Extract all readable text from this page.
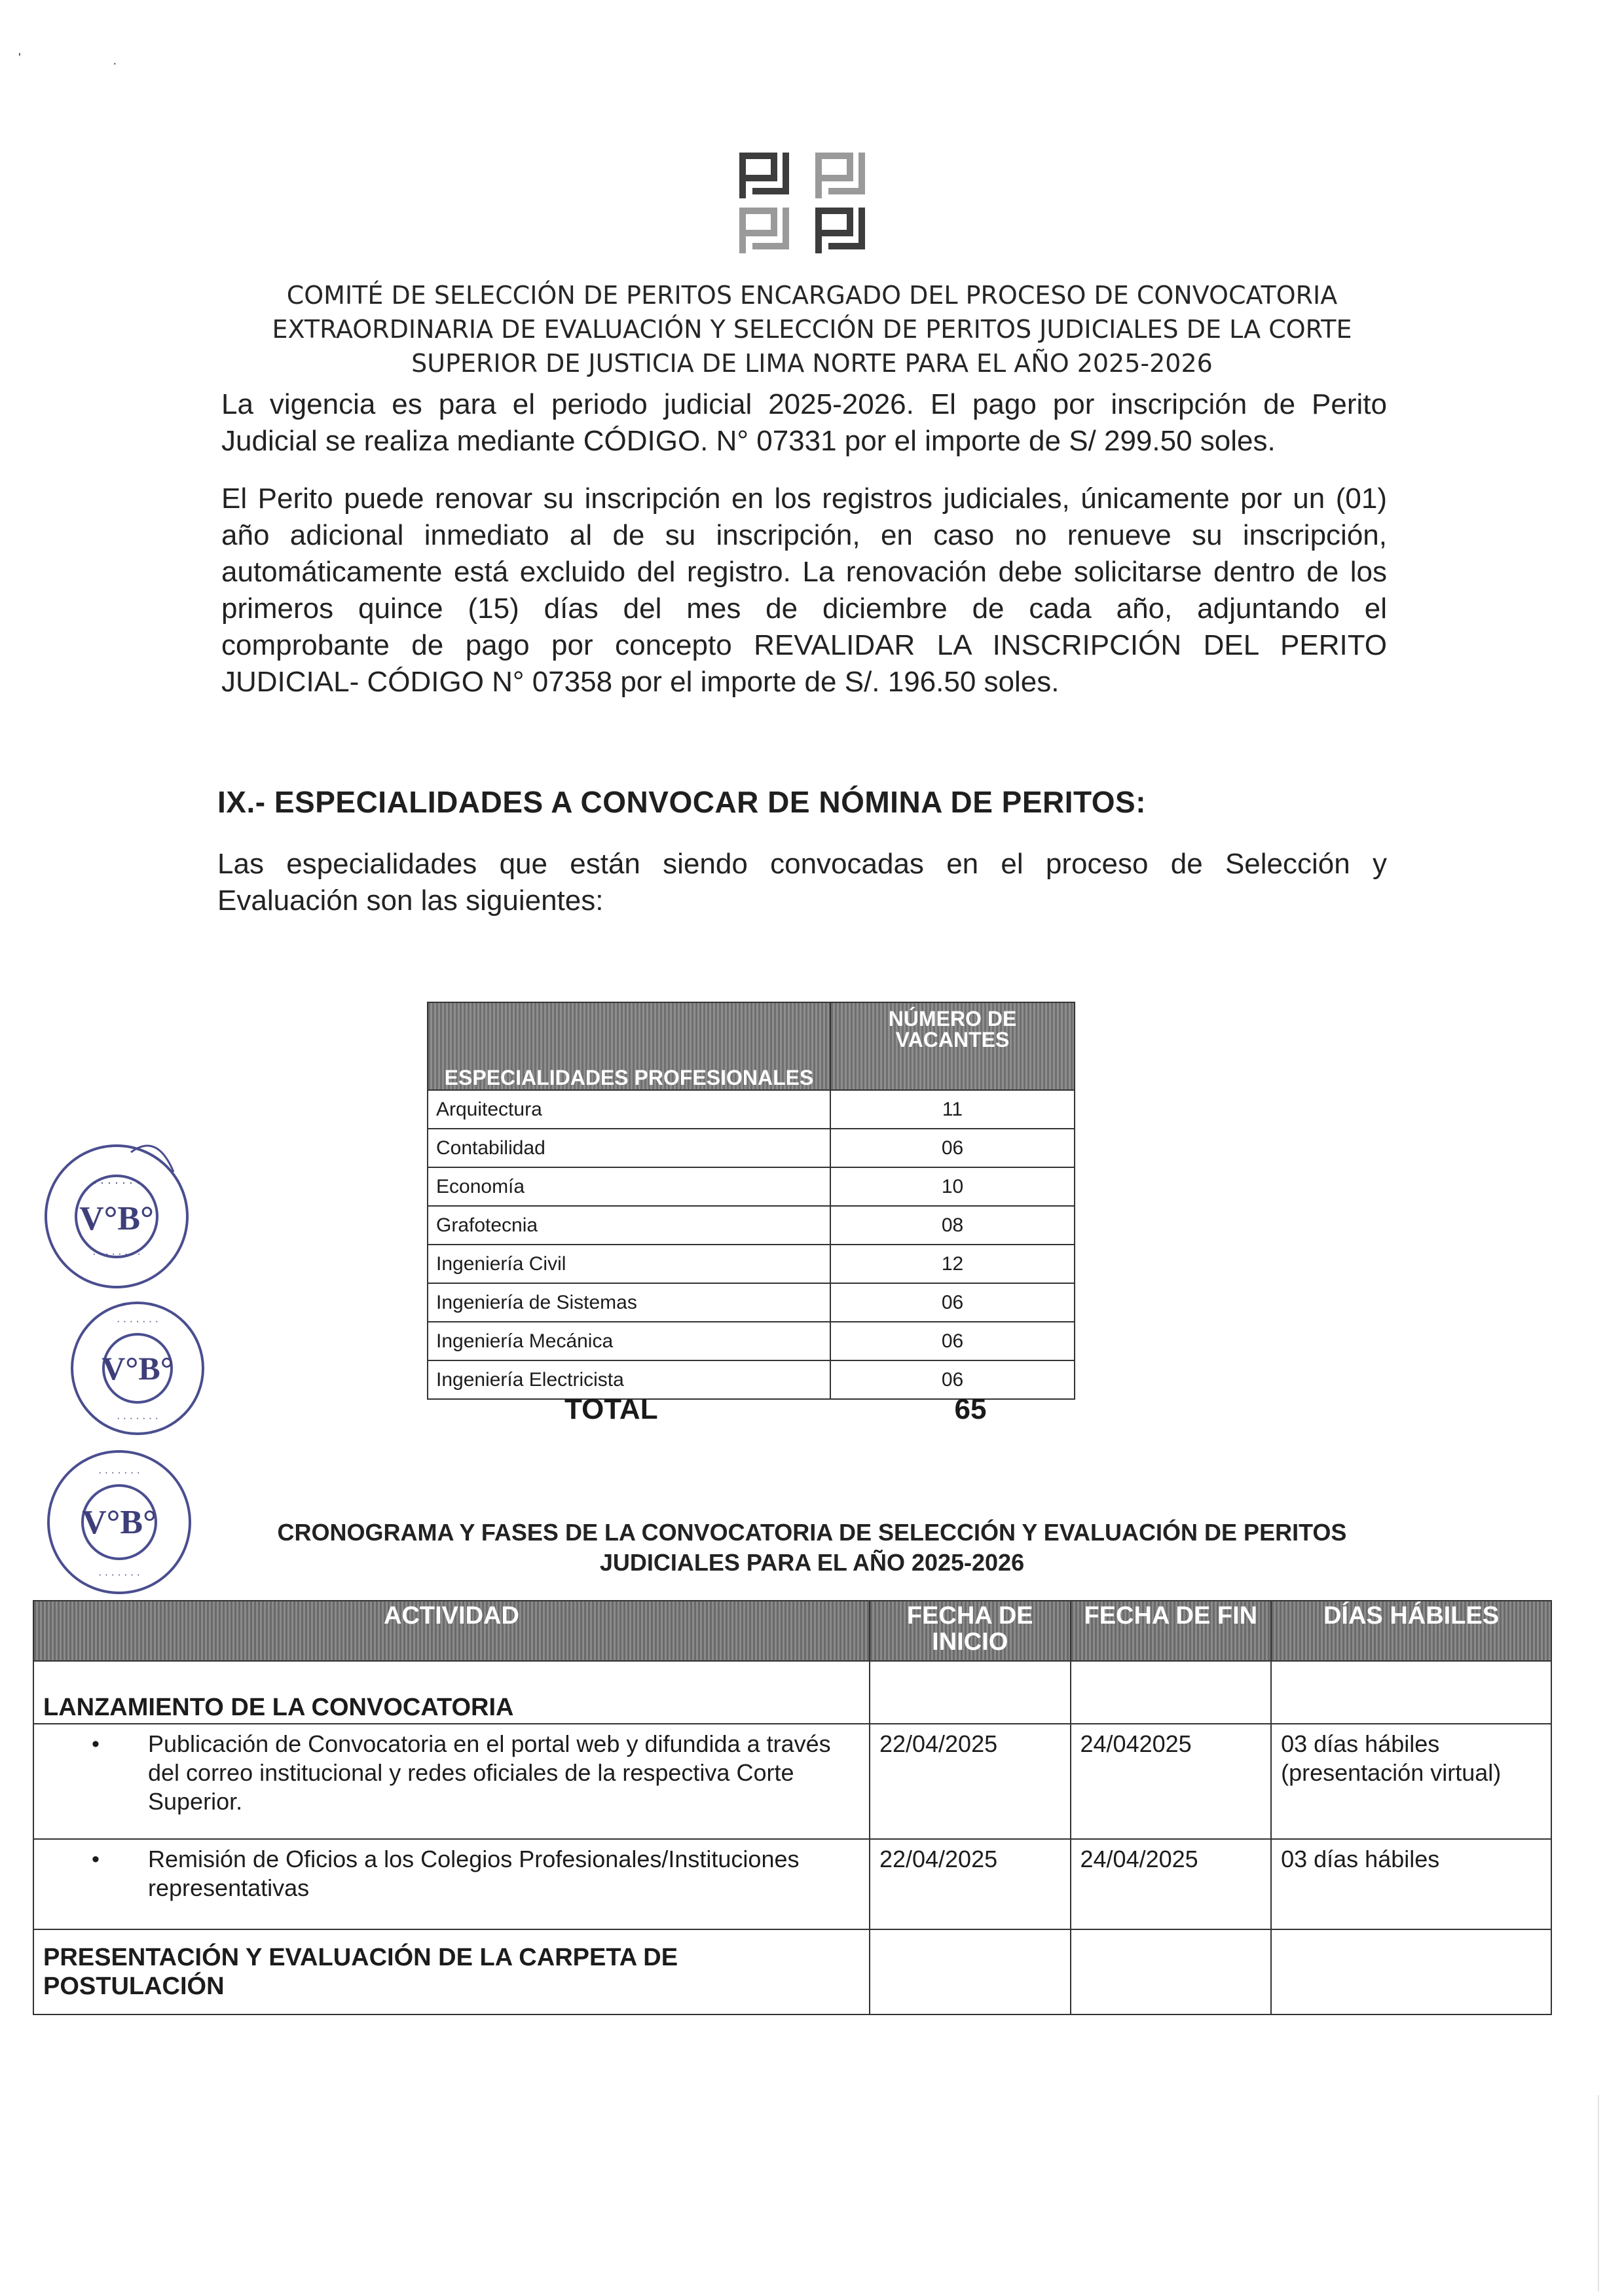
'	·
COMITÉ DE SELECCIÓN DE PERITOS ENCARGADO DEL PROCESO DE CONVOCATORIA
EXTRAORDINARIA DE EVALUACIÓN Y SELECCIÓN DE PERITOS JUDICIALES DE LA CORTE
SUPERIOR DE JUSTICIA DE LIMA NORTE PARA EL AÑO 2025-2026
La vigencia es para el periodo judicial 2025-2026. El pago por inscripción de Perito
Judicial se realiza mediante CÓDIGO. N° 07331 por el importe de S/ 299.50 soles.
El Perito puede renovar su inscripción en los registros judiciales, únicamente por un (01)
año adicional inmediato al de su inscripción, en caso no renueve su inscripción,
automáticamente está excluido del registro. La renovación debe solicitarse dentro de los
primeros quince (15) días del mes de diciembre de cada año, adjuntando el
comprobante de pago por concepto REVALIDAR LA INSCRIPCIÓN DEL PERITO
JUDICIAL- CÓDIGO N° 07358 por el importe de S/. 196.50 soles.
IX.- ESPECIALIDADES A CONVOCAR DE NÓMINA DE PERITOS:
Las especialidades que están siendo convocadas en el proceso de Selección y
Evaluación son las siguientes:
ESPECIALIDADES PROFESIONALES	NÚMERO DE VACANTES
Arquitectura	11
Contabilidad	06
Economía	10
Grafotecnia	08
Ingeniería Civil	12
Ingeniería de Sistemas	06
Ingeniería Mecánica	06
Ingeniería Electricista	06
TOTAL	65
V°B°
· · · · · · · ·
· · · · · · ·
V°B°
· · · · · · ·
· · · · · · ·
V°B°
· · · · · · ·
· · · · · · ·
CRONOGRAMA Y FASES DE LA CONVOCATORIA DE SELECCIÓN Y EVALUACIÓN DE PERITOS
JUDICIALES PARA EL AÑO 2025-2026
ACTIVIDAD	FECHA DE INICIO	FECHA DE FIN	DÍAS HÁBILES
LANZAMIENTO DE LA CONVOCATORIA			

• Publicación de Convocatoria en el portal web y difundida a través del correo institucional y redes oficiales de la respectiva Corte Superior.	22/04/2025	24/042025	03 días hábiles (presentación virtual)

• Remisión de Oficios a los Colegios Profesionales/Instituciones representativas	22/04/2025	24/04/2025	03 días hábiles
PRESENTACIÓN Y EVALUACIÓN DE LA CARPETA DE POSTULACIÓN			
